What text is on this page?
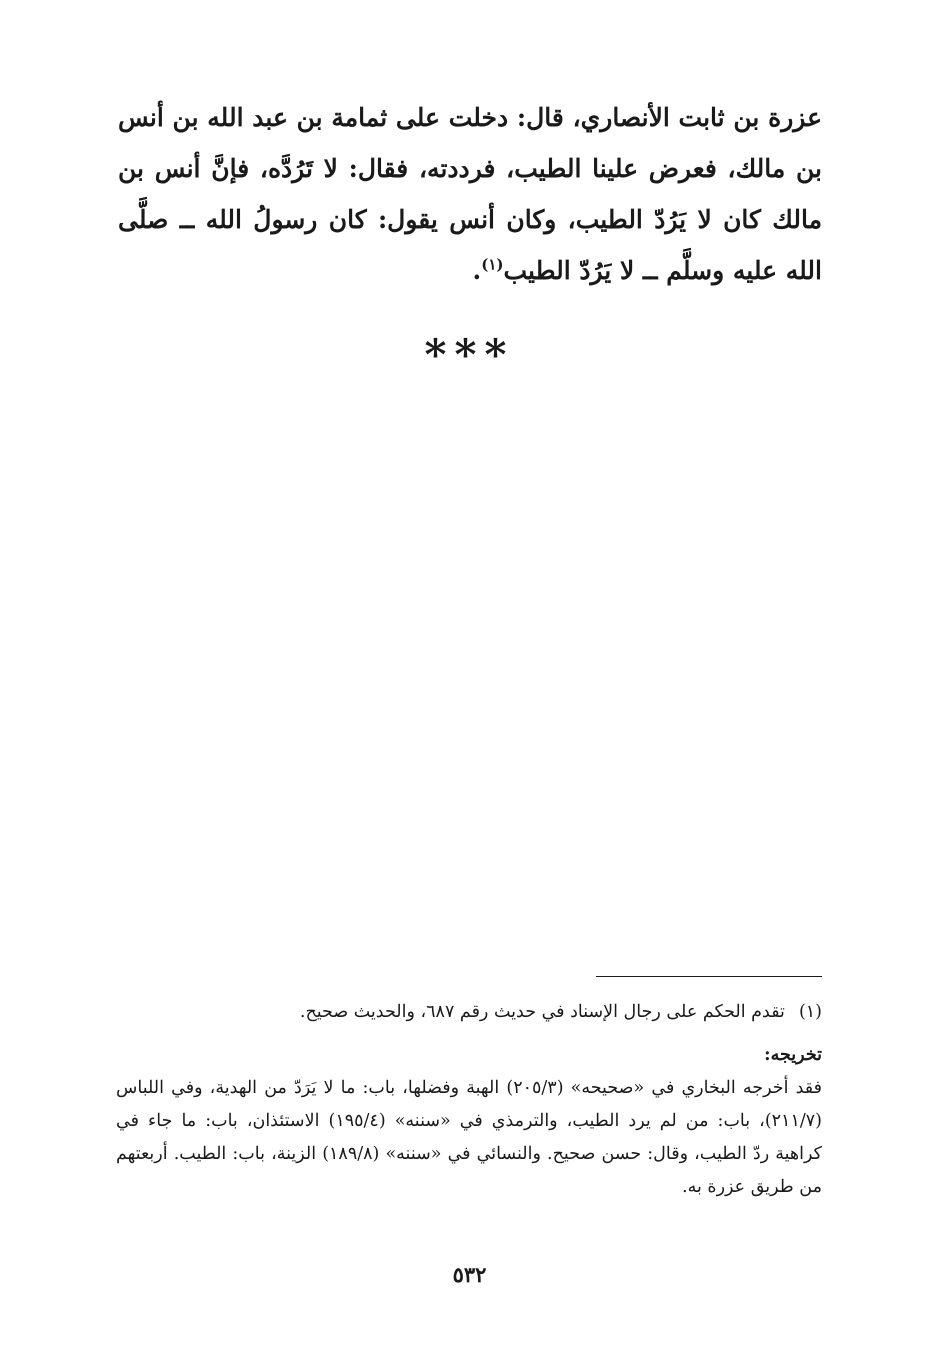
عزرة بن ثابت الأنصاري، قال: دخلت على ثمامة بن عبد الله بن أنس بن مالك، فعرض علينا الطيب، فرددته، فقال: لا تَرُدَّه، فإنَّ أنس بن مالك كان لا يَرُدّ الطيب، وكان أنس يقول: كان رسولُ الله ــ صلَّى الله عليه وسلَّم ــ لا يَرُدّ الطيب$^{(١)}$.

***
(١)
تقدم الحكم على رجال الإسناد في حديث رقم ٦٨٧، والحديث صحيح.
تخريجه:

فقد أخرجه البخاري في «صحيحه» (٢٠٥/٣) الهبة وفضلها، باب: ما لا يَرَدّ من الهدية، وفي اللباس (٢١١/٧)، باب: من لم يرد الطيب، والترمذي في «سننه» (١٩٥/٤) الاستئذان، باب: ما جاء في كراهية ردّ الطيب، وقال: حسن صحيح. والنسائي في «سننه» (١٨٩/٨) الزينة، باب: الطيب. أربعتهم من طريق عزرة به.

٥٣٢
